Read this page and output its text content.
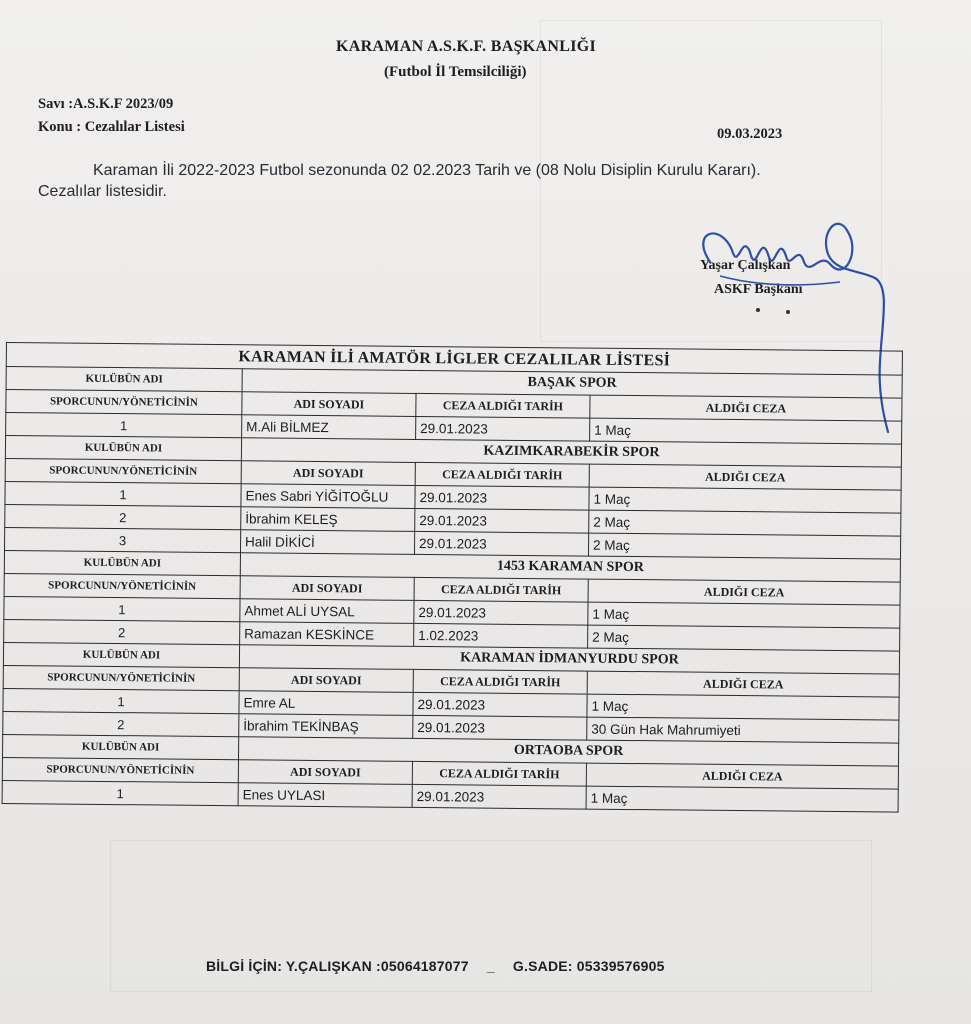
KARAMAN A.S.K.F. BAŞKANLIĞI
(Futbol İl Temsilciliği)
Savı :A.S.K.F 2023/09
Konu : Cezalılar Listesi	09.03.2023
Karaman İli 2022-2023 Futbol sezonunda 02 02.2023 Tarih ve (08 Nolu Disiplin Kurulu Kararı).
Cezalılar listesidir.
Yaşar Çalışkan
ASKF Başkanı
KARAMAN İLİ AMATÖR LİGLER CEZALILAR LİSTESİ			
KULÜBÜN ADI	BAŞAK SPOR		
SPORCUNUN/YÖNETİCİNİN	ADI SOYADI	CEZA ALDIĞI TARİH	ALDIĞI CEZA
1	M.Ali BİLMEZ	29.01.2023	1 Maç
KULÜBÜN ADI	KAZIMKARABEKİR SPOR		
SPORCUNUN/YÖNETİCİNİN	ADI SOYADI	CEZA ALDIĞI TARİH	ALDIĞI CEZA
1	Enes Sabri YİĞİTOĞLU	29.01.2023	1 Maç
2	İbrahim KELEŞ	29.01.2023	2 Maç
3	Halil DİKİCİ	29.01.2023	2 Maç
KULÜBÜN ADI	1453 KARAMAN SPOR		
SPORCUNUN/YÖNETİCİNİN	ADI SOYADI	CEZA ALDIĞI TARİH	ALDIĞI CEZA
1	Ahmet ALİ UYSAL	29.01.2023	1 Maç
2	Ramazan KESKİNCE	1.02.2023	2 Maç
KULÜBÜN ADI	KARAMAN İDMANYURDU SPOR		
SPORCUNUN/YÖNETİCİNİN	ADI SOYADI	CEZA ALDIĞI TARİH	ALDIĞI CEZA
1	Emre AL	29.01.2023	1 Maç
2	İbrahim TEKİNBAŞ	29.01.2023	30 Gün Hak Mahrumiyeti
KULÜBÜN ADI	ORTAOBA SPOR		
SPORCUNUN/YÖNETİCİNİN	ADI SOYADI	CEZA ALDIĞI TARİH	ALDIĞI CEZA
1	Enes UYLASI	29.01.2023	1 Maç
BİLGİ İÇİN: Y.ÇALIŞKAN :05064187077 _ G.SADE: 05339576905
